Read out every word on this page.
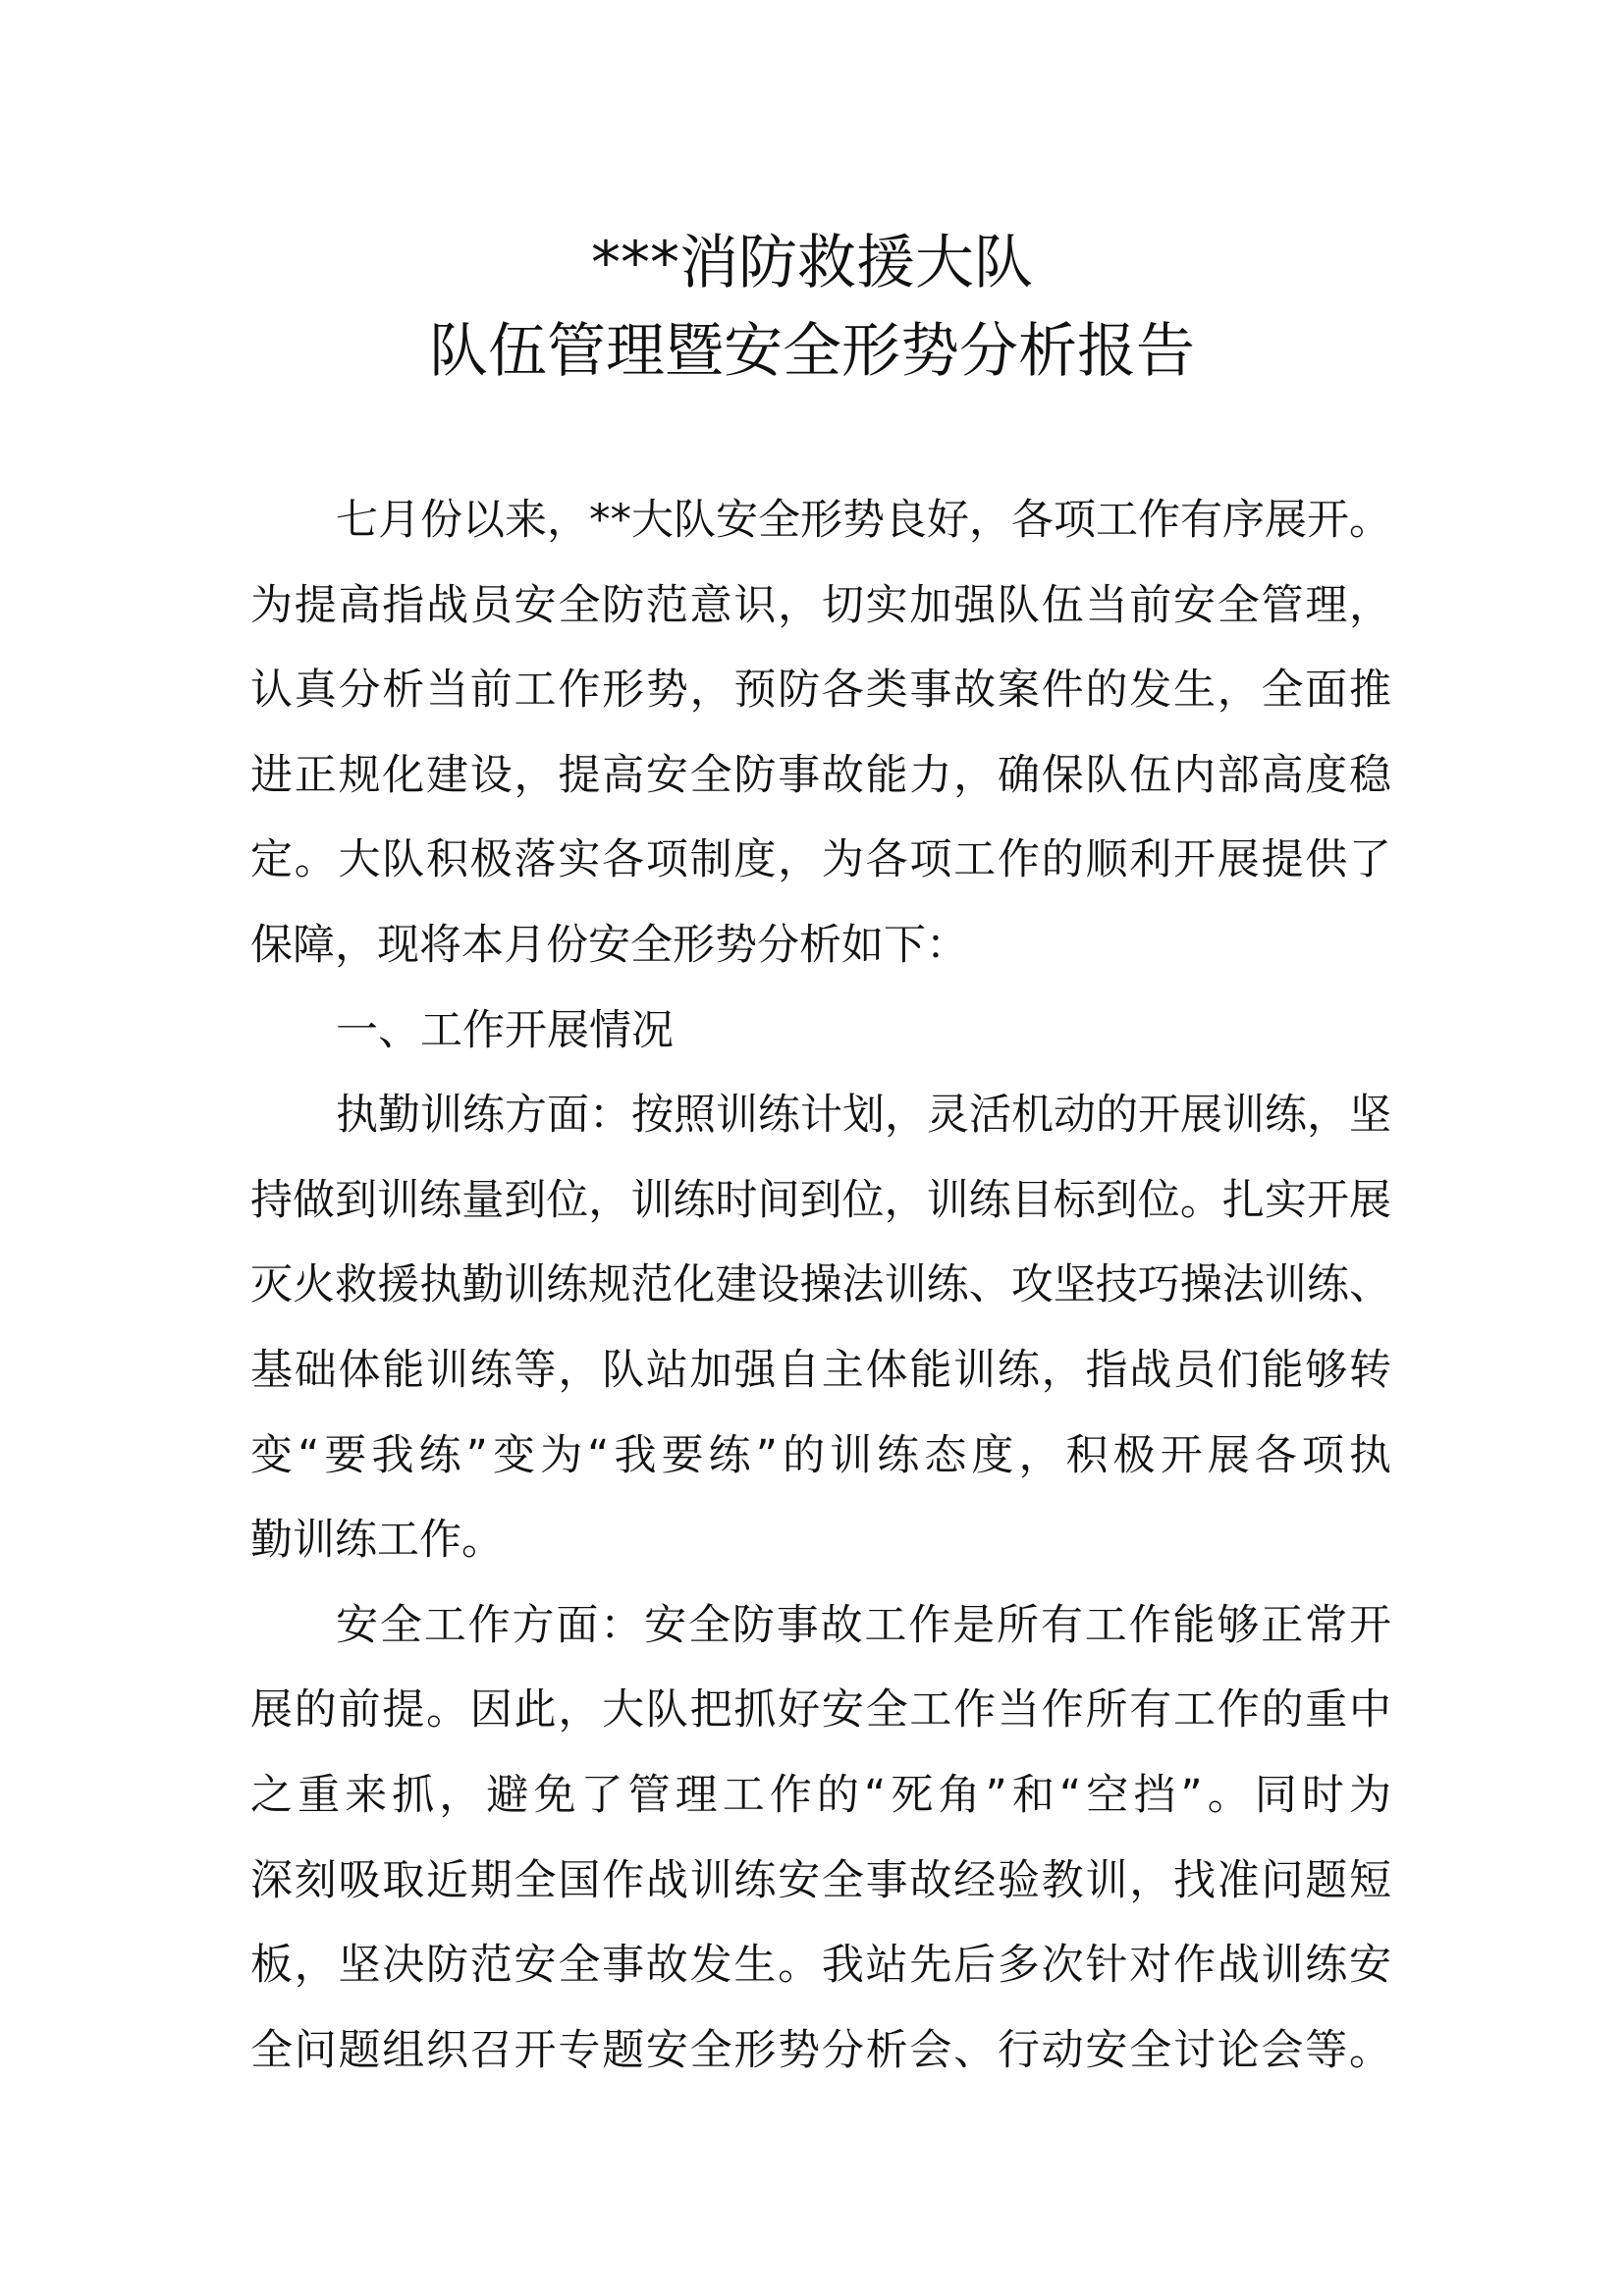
***消防救援大队
队伍管理暨安全形势分析报告
七月份以来，**大队安全形势良好，各项工作有序展开。
为提高指战员安全防范意识，切实加强队伍当前安全管理，
认真分析当前工作形势，预防各类事故案件的发生，全面推
进正规化建设，提高安全防事故能力，确保队伍内部高度稳
定。大队积极落实各项制度，为各项工作的顺利开展提供了
保障，现将本月份安全形势分析如下：
一、工作开展情况
执勤训练方面：按照训练计划，灵活机动的开展训练，坚
持做到训练量到位，训练时间到位，训练目标到位。扎实开展
灭火救援执勤训练规范化建设操法训练、攻坚技巧操法训练、
基础体能训练等，队站加强自主体能训练，指战员们能够转
变“要我练”变为“我要练”的训练态度，积极开展各项执
勤训练工作。
安全工作方面：安全防事故工作是所有工作能够正常开
展的前提。因此，大队把抓好安全工作当作所有工作的重中
之重来抓，避免了管理工作的“死角”和“空挡”。同时为
深刻吸取近期全国作战训练安全事故经验教训，找准问题短
板，坚决防范安全事故发生。我站先后多次针对作战训练安
全问题组织召开专题安全形势分析会、行动安全讨论会等。
